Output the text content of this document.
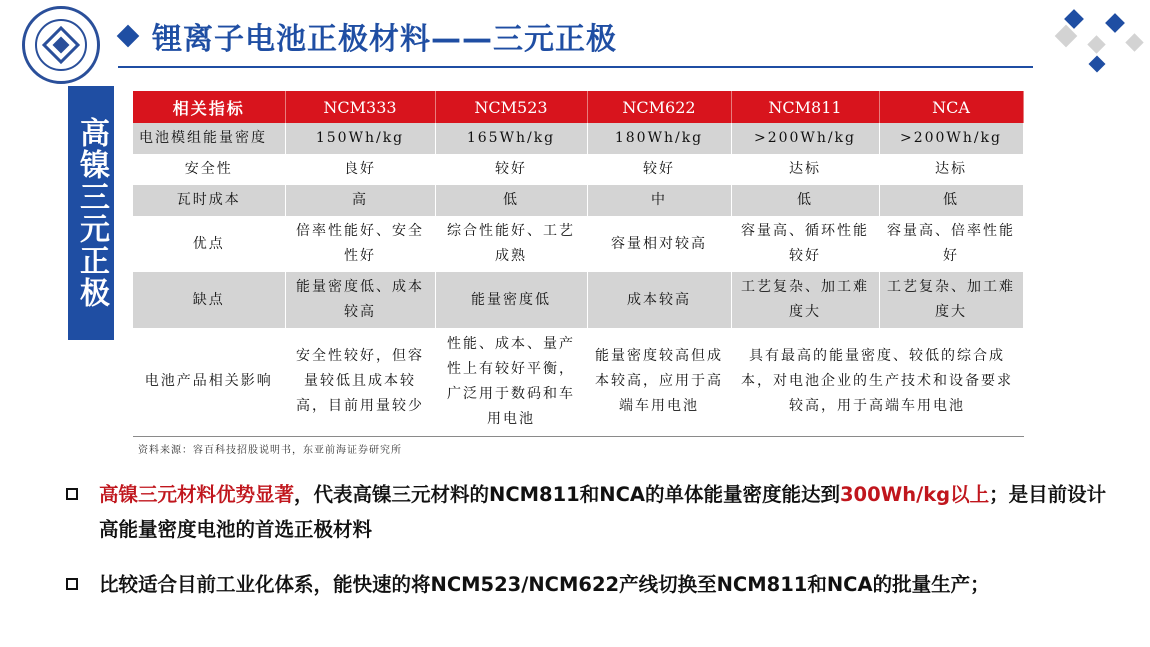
锂离子电池正极材料——三元正极
高镍三元正极
相关指标	NCM333	NCM523	NCM622	NCM811	NCA
电池模组能量密度	150Wh/kg	165Wh/kg	180Wh/kg	>200Wh/kg	>200Wh/kg
安全性	良好	较好	较好	达标	达标
瓦时成本	高	低	中	低	低
优点	倍率性能好、安全性好	综合性能好、工艺成熟	容量相对较高	容量高、循环性能较好	容量高、倍率性能好
缺点	能量密度低、成本较高	能量密度低	成本较高	工艺复杂、加工难度大	工艺复杂、加工难度大
电池产品相关影响	安全性较好，但容量较低且成本较高，目前用量较少	性能、成本、量产性上有较好平衡，广泛用于数码和车用电池	能量密度较高但成本较高，应用于高端车用电池	具有最高的能量密度、较低的综合成本，对电池企业的生产技术和设备要求较高，用于高端车用电池	
资料来源：容百科技招股说明书，东亚前海证券研究所
高镍三元材料优势显著，代表高镍三元材料的NCM811和NCA的单体能量密度能达到300Wh/kg以上；是目前设计高能量密度电池的首选正极材料
比较适合目前工业化体系，能快速的将NCM523/NCM622产线切换至NCM811和NCA的批量生产；
